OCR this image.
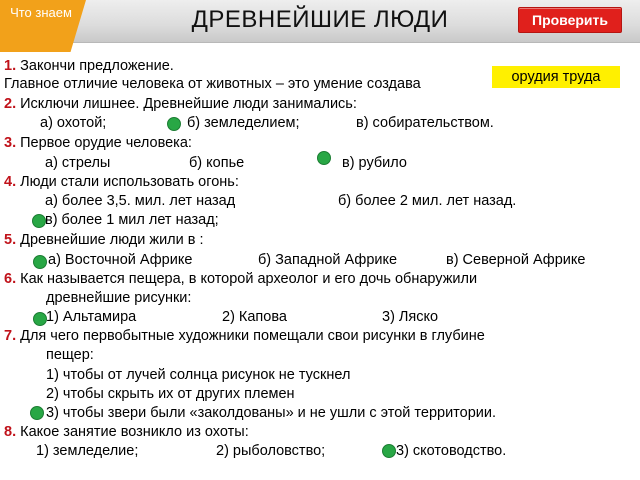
ДРЕВНЕЙШИЕ ЛЮДИ	Проверить
Что знаем
1. Закончи предложение.
Главное отличие человека от животных – это умение создава	орудия труда
2. Исключи лишнее. Древнейшие люди занимались:
а) охотой;	б) земледелием;	в) собирательством.
3. Первое орудие человека:
а) стрелы	б) копье	в) рубило
4. Люди стали использовать огонь:
а) более 3,5. мил. лет назад	б) более 2 мил. лет назад.
в) более 1 мил лет назад;
5. Древнейшие люди жили в :
а) Восточной Африке	б) Западной Африке	в) Северной Африке
6. Как называется пещера, в которой археолог и его дочь обнаружили
древнейшие рисунки:
1) Альтамира	2) Капова	3) Ляско
7. Для чего первобытные художники помещали свои рисунки в глубине
пещер:
1) чтобы от лучей солнца рисунок не тускнел
2) чтобы скрыть их от других племен
3) чтобы звери были «заколдованы» и не ушли с этой территории.
8. Какое занятие возникло из охоты:
1) земледелие;	2) рыболовство;	3) скотоводство.
